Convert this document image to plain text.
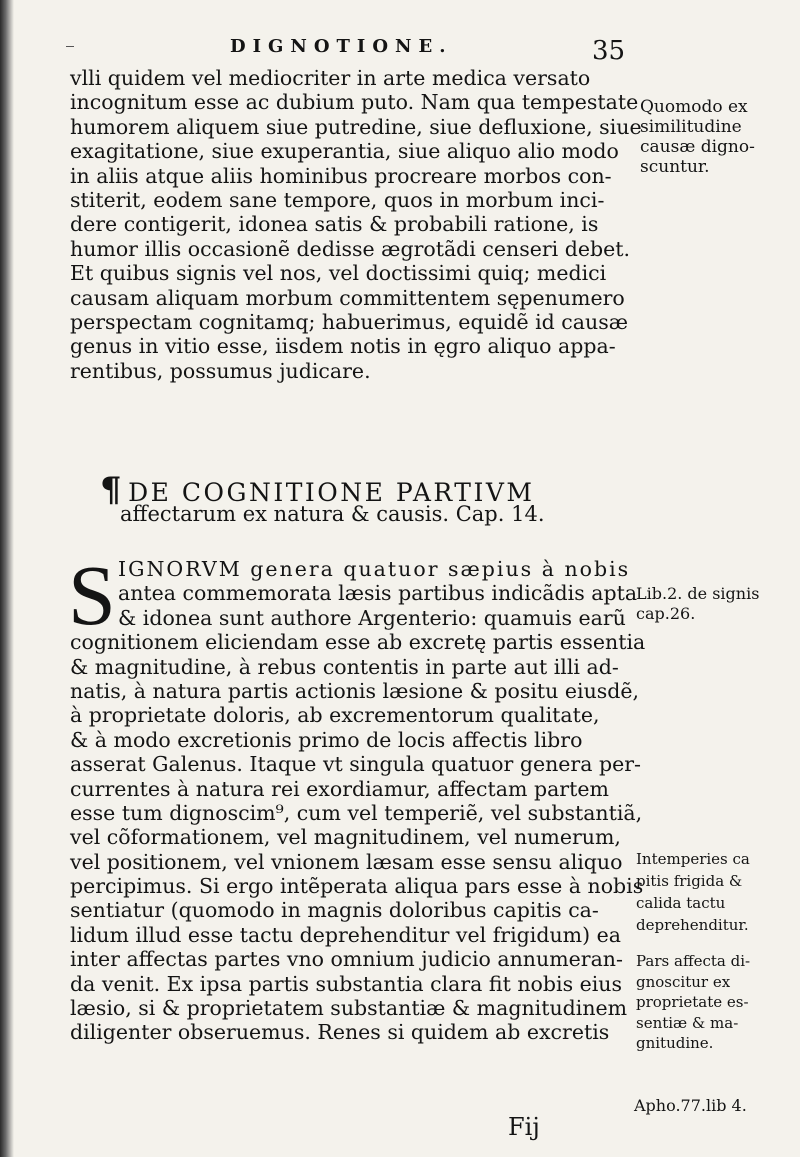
DIGNOTIONE.	35
vlli quidem vel mediocriter in arte medica versato
incognitum esse ac dubium puto. Nam qua tempestate
humorem aliquem siue putredine, siue defluxione, siue
exagitatione, siue exuperantia, siue aliquo alio modo
in aliis atque aliis hominibus procreare morbos con-
stiterit, eodem sane tempore, quos in morbum inci-
dere contigerit, idonea satis & probabili ratione, is
humor illis occasionẽ dedisse ægrotãdi censeri debet.
Et quibus signis vel nos, vel doctissimi quiq; medici
causam aliquam morbum committentem sępenumero
perspectam cognitamq; habuerimus, equidẽ id causæ
genus in vitio esse, iisdem notis in ęgro aliquo appa-
rentibus, possumus judicare.
¶ DE COGNITIONE PARTIVM
affectarum ex natura & causis. Cap. 14.
S IGNORVM genera quatuor sæpius à nobis
antea commemorata læsis partibus indicãdis apta
& idonea sunt authore Argenterio: quamuis earũ
cognitionem eliciendam esse ab excretę partis essentia
& magnitudine, à rebus contentis in parte aut illi ad-
natis, à natura partis actionis læsione & positu eiusdẽ,
à proprietate doloris, ab excrementorum qualitate,
& à modo excretionis primo de locis affectis libro
asserat Galenus. Itaque vt singula quatuor genera per-
currentes à natura rei exordiamur, affectam partem
esse tum dignoscim⁹, cum vel temperiẽ, vel substantiã,
vel cõformationem, vel magnitudinem, vel numerum,
vel positionem, vel vnionem læsam esse sensu aliquo
percipimus. Si ergo intẽperata aliqua pars esse à nobis
sentiatur (quomodo in magnis doloribus capitis ca-
lidum illud esse tactu deprehenditur vel frigidum) ea
inter affectas partes vno omnium judicio annumeran-
da venit. Ex ipsa partis substantia clara fit nobis eius
læsio, si & proprietatem substantiæ & magnitudinem
diligenter obseruemus. Renes si quidem ab excretis
Quomodo ex
similitudine
causæ digno-
scuntur.
Lib.2. de signis
cap.26.
Intemperies ca
pitis frigida &
calida tactu
deprehenditur.
Pars affecta di-
gnoscitur ex
proprietate es-
sentiæ & ma-
gnitudine.
Apho.77.lib 4.
Fij
